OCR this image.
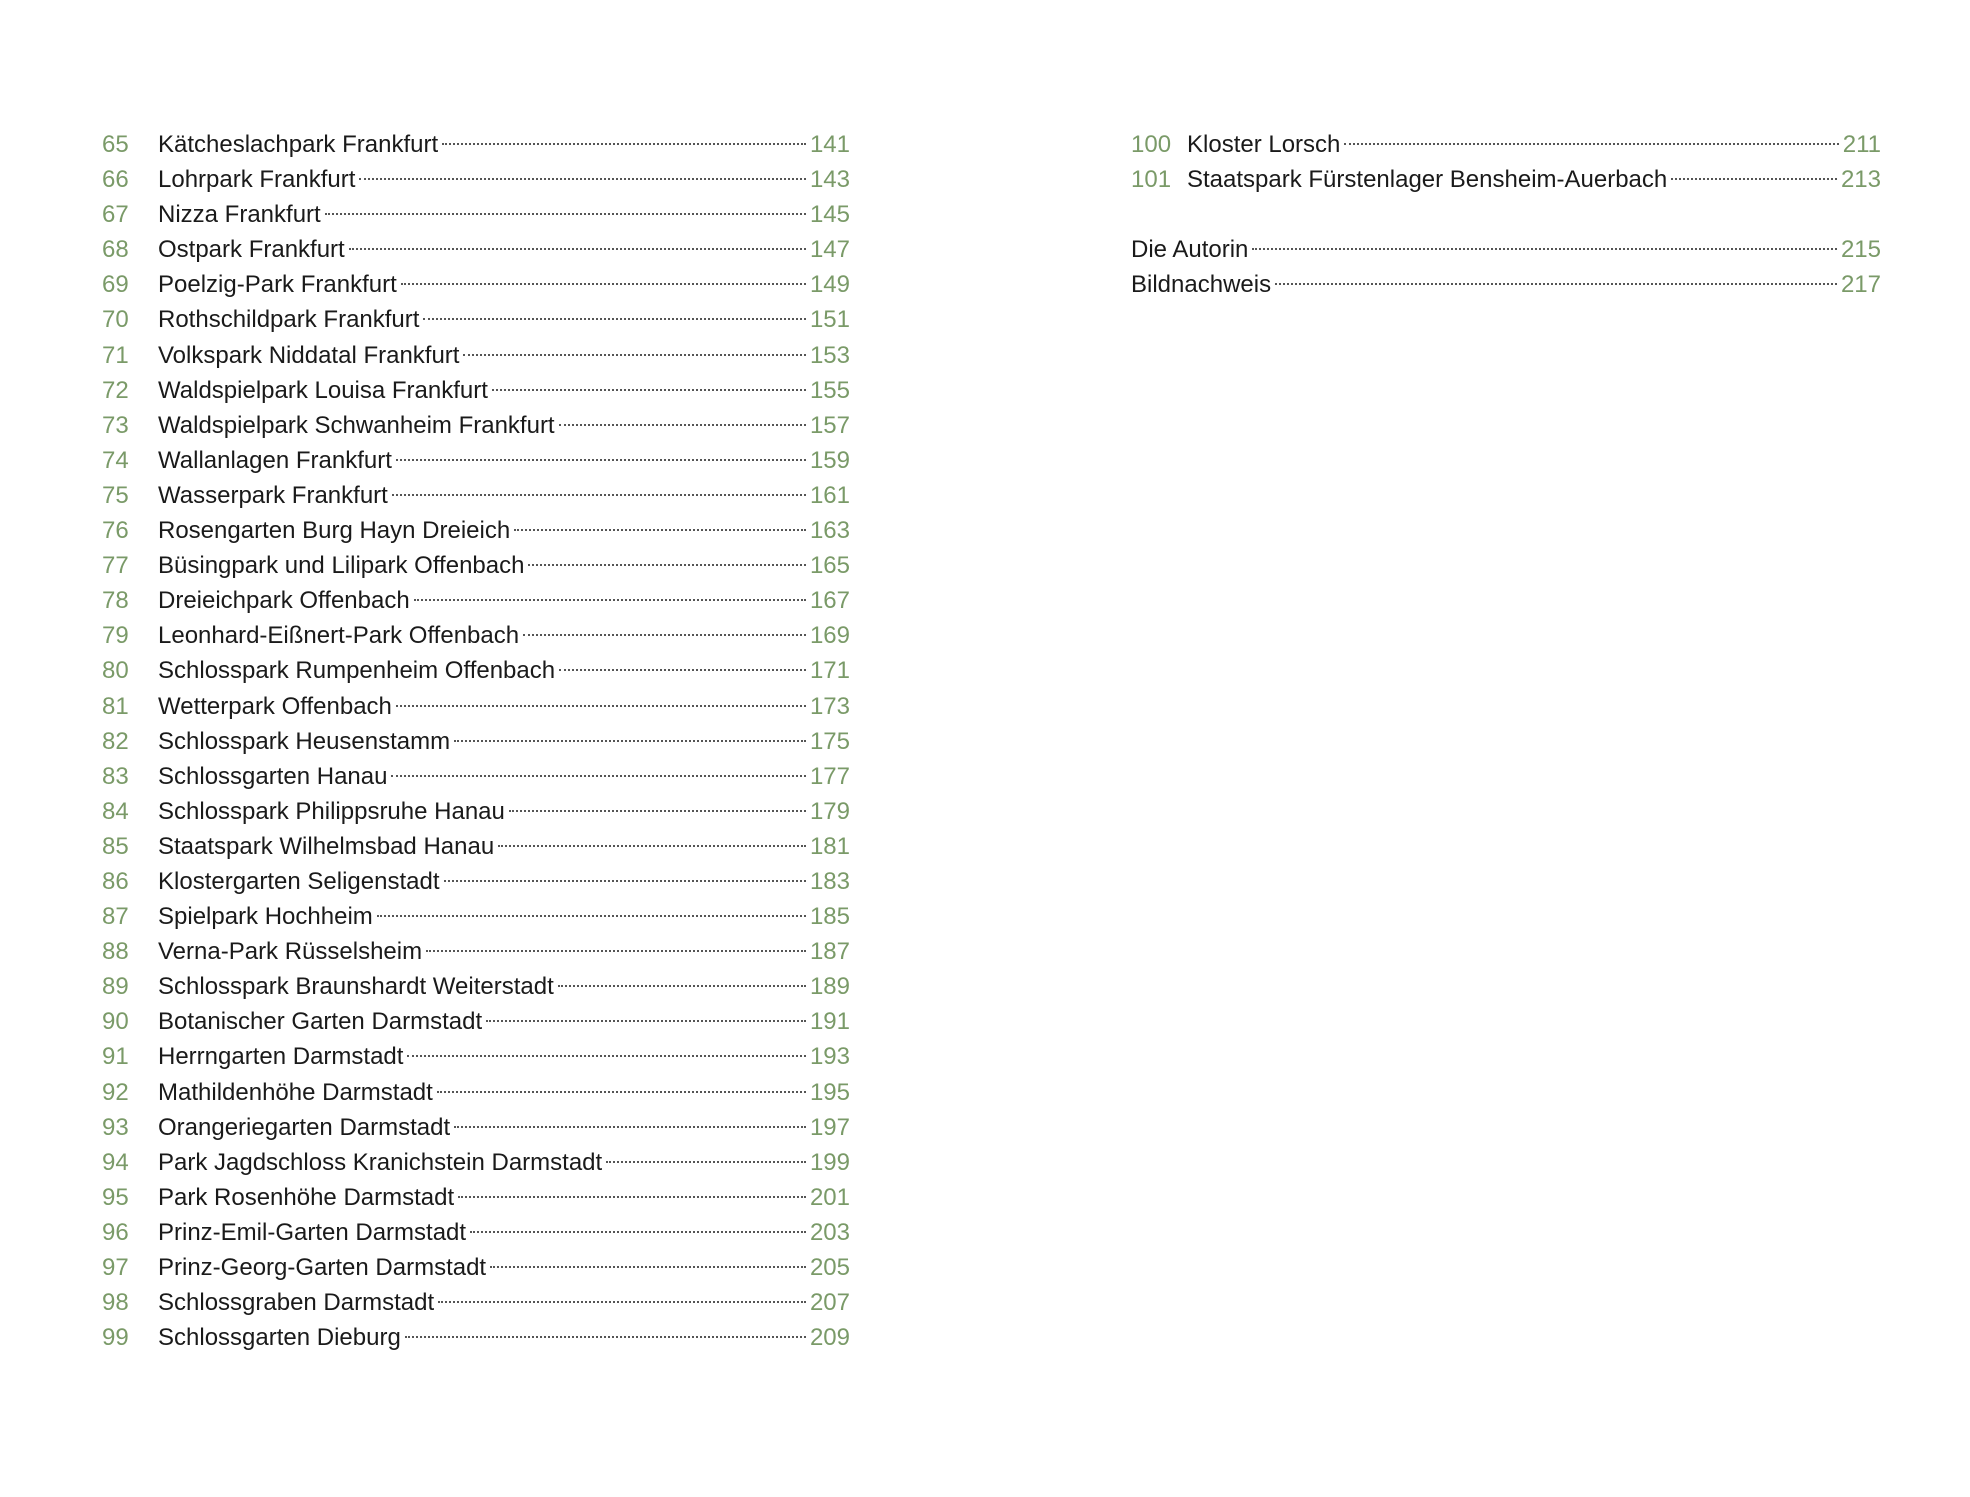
65	Kätcheslachpark Frankfurt	141
66	Lohrpark Frankfurt	143
67	Nizza Frankfurt	145
68	Ostpark Frankfurt	147
69	Poelzig-Park Frankfurt	149
70	Rothschildpark Frankfurt	151
71	Volkspark Niddatal Frankfurt	153
72	Waldspielpark Louisa Frankfurt	155
73	Waldspielpark Schwanheim Frankfurt	157
74	Wallanlagen Frankfurt	159
75	Wasserpark Frankfurt	161
76	Rosengarten Burg Hayn Dreieich	163
77	Büsingpark und Lilipark Offenbach	165
78	Dreieichpark Offenbach	167
79	Leonhard-Eißnert-Park Offenbach	169
80	Schlosspark Rumpenheim Offenbach	171
81	Wetterpark Offenbach	173
82	Schlosspark Heusenstamm	175
83	Schlossgarten Hanau	177
84	Schlosspark Philippsruhe Hanau	179
85	Staatspark Wilhelmsbad Hanau	181
86	Klostergarten Seligenstadt	183
87	Spielpark Hochheim	185
88	Verna-Park Rüsselsheim	187
89	Schlosspark Braunshardt Weiterstadt	189
90	Botanischer Garten Darmstadt	191
91	Herrngarten Darmstadt	193
92	Mathildenhöhe Darmstadt	195
93	Orangeriegarten Darmstadt	197
94	Park Jagdschloss Kranichstein Darmstadt	199
95	Park Rosenhöhe Darmstadt	201
96	Prinz-Emil-Garten Darmstadt	203
97	Prinz-Georg-Garten Darmstadt	205
98	Schlossgraben Darmstadt	207
99	Schlossgarten Dieburg	209
100 Kloster Lorsch	211
101 Staatspark Fürstenlager Bensheim-Auerbach	213
Die Autorin	215
Bildnachweis	217
